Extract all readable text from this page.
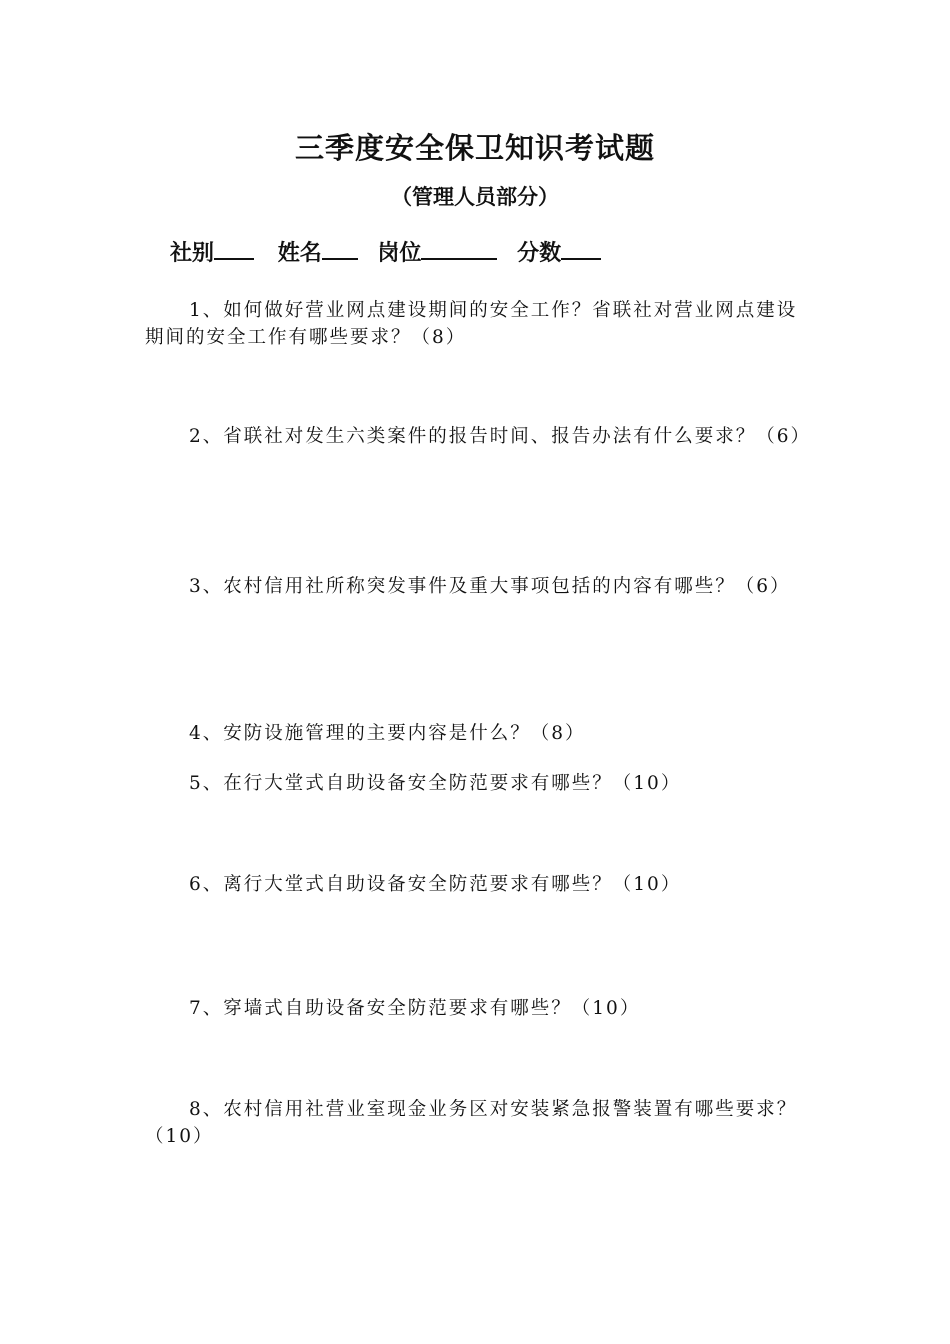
三季度安全保卫知识考试题
（管理人员部分）
社别	姓名	岗位	分数

1、如何做好营业网点建设期间的安全工作？省联社对营业网点建设期间的安全工作有哪些要求？（8）

2、省联社对发生六类案件的报告时间、报告办法有什么要求？（6）

3、农村信用社所称突发事件及重大事项包括的内容有哪些？（6）

4、安防设施管理的主要内容是什么？（8）

5、在行大堂式自助设备安全防范要求有哪些？（10）

6、离行大堂式自助设备安全防范要求有哪些？（10）

7、穿墙式自助设备安全防范要求有哪些？（10）

8、农村信用社营业室现金业务区对安装紧急报警装置有哪些要求？（10）
